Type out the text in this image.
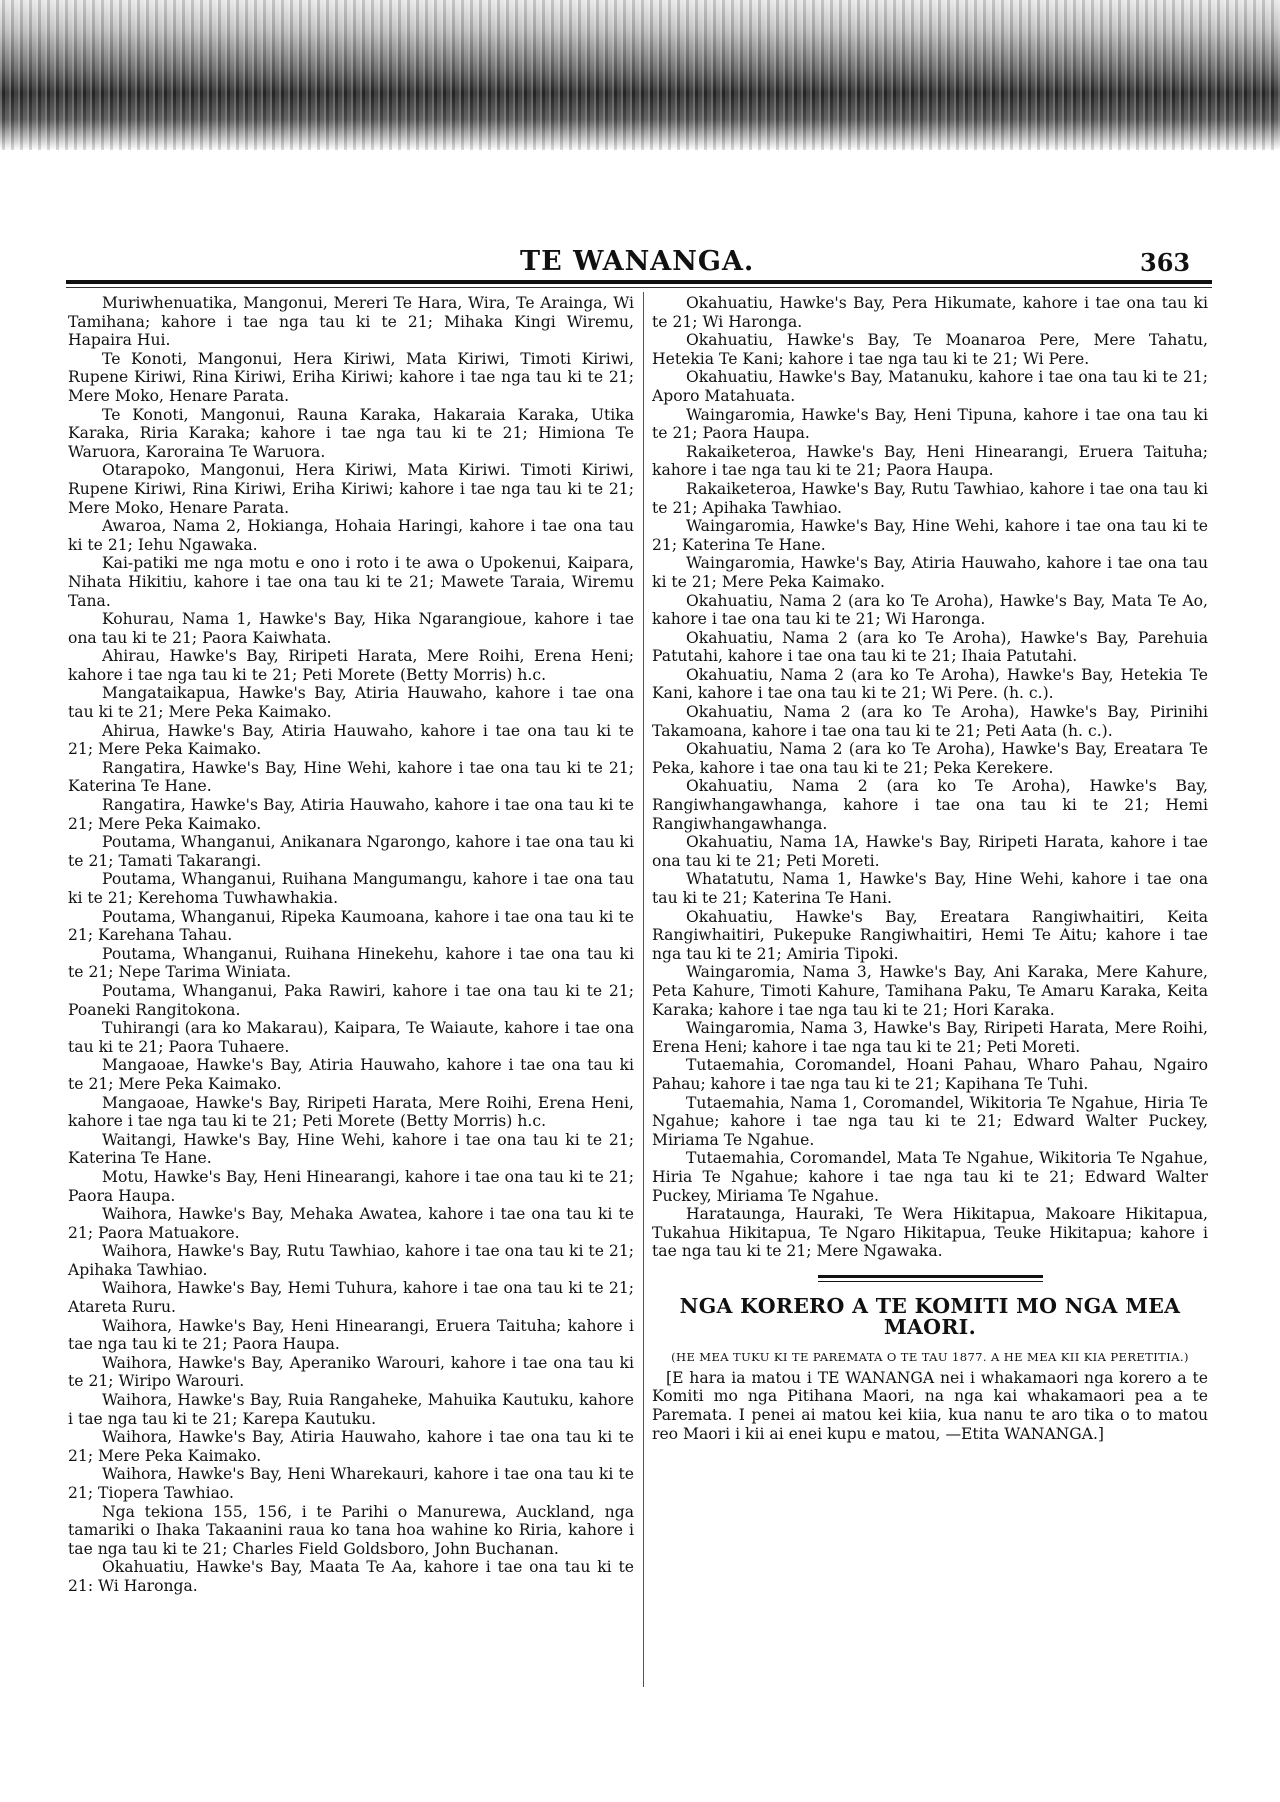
TE WANANGA.	363

Muriwhenuatika, Mangonui, Mereri Te Hara, Wira, Te Arainga, Wi Tamihana; kahore i tae nga tau ki te 21; Mihaka Kingi Wiremu, Hapaira Hui.

Te Konoti, Mangonui, Hera Kiriwi, Mata Kiriwi, Timoti Kiriwi, Rupene Kiriwi, Rina Kiriwi, Eriha Kiriwi; kahore i tae nga tau ki te 21; Mere Moko, Henare Parata.

Te Konoti, Mangonui, Rauna Karaka, Hakaraia Karaka, Utika Karaka, Riria Karaka; kahore i tae nga tau ki te 21; Himiona Te Waruora, Karoraina Te Waruora.

Otarapoko, Mangonui, Hera Kiriwi, Mata Kiriwi. Timoti Kiriwi, Rupene Kiriwi, Rina Kiriwi, Eriha Kiriwi; kahore i tae nga tau ki te 21; Mere Moko, Henare Parata.

Awaroa, Nama 2, Hokianga, Hohaia Haringi, kahore i tae ona tau ki te 21; Iehu Ngawaka.

Kai-patiki me nga motu e ono i roto i te awa o Upokenui, Kaipara, Nihata Hikitiu, kahore i tae ona tau ki te 21; Mawete Taraia, Wiremu Tana.

Kohurau, Nama 1, Hawke's Bay, Hika Ngarangioue, kahore i tae ona tau ki te 21; Paora Kaiwhata.

Ahirau, Hawke's Bay, Riripeti Harata, Mere Roihi, Erena Heni; kahore i tae nga tau ki te 21; Peti Morete (Betty Morris) h.c.

Mangataikapua, Hawke's Bay, Atiria Hauwaho, kahore i tae ona tau ki te 21; Mere Peka Kaimako.

Ahirua, Hawke's Bay, Atiria Hauwaho, kahore i tae ona tau ki te 21; Mere Peka Kaimako.

Rangatira, Hawke's Bay, Hine Wehi, kahore i tae ona tau ki te 21; Katerina Te Hane.

Rangatira, Hawke's Bay, Atiria Hauwaho, kahore i tae ona tau ki te 21; Mere Peka Kaimako.

Poutama, Whanganui, Anikanara Ngarongo, kahore i tae ona tau ki te 21; Tamati Takarangi.

Poutama, Whanganui, Ruihana Mangumangu, kahore i tae ona tau ki te 21; Kerehoma Tuwhawhakia.

Poutama, Whanganui, Ripeka Kaumoana, kahore i tae ona tau ki te 21; Karehana Tahau.

Poutama, Whanganui, Ruihana Hinekehu, kahore i tae ona tau ki te 21; Nepe Tarima Winiata.

Poutama, Whanganui, Paka Rawiri, kahore i tae ona tau ki te 21; Poaneki Rangitokona.

Tuhirangi (ara ko Makarau), Kaipara, Te Waiaute, kahore i tae ona tau ki te 21; Paora Tuhaere.

Mangaoae, Hawke's Bay, Atiria Hauwaho, kahore i tae ona tau ki te 21; Mere Peka Kaimako.

Mangaoae, Hawke's Bay, Riripeti Harata, Mere Roihi, Erena Heni, kahore i tae nga tau ki te 21; Peti Morete (Betty Morris) h.c.

Waitangi, Hawke's Bay, Hine Wehi, kahore i tae ona tau ki te 21; Katerina Te Hane.

Motu, Hawke's Bay, Heni Hinearangi, kahore i tae ona tau ki te 21; Paora Haupa.

Waihora, Hawke's Bay, Mehaka Awatea, kahore i tae ona tau ki te 21; Paora Matuakore.

Waihora, Hawke's Bay, Rutu Tawhiao, kahore i tae ona tau ki te 21; Apihaka Tawhiao.

Waihora, Hawke's Bay, Hemi Tuhura, kahore i tae ona tau ki te 21; Atareta Ruru.

Waihora, Hawke's Bay, Heni Hinearangi, Eruera Taituha; kahore i tae nga tau ki te 21; Paora Haupa.

Waihora, Hawke's Bay, Aperaniko Warouri, kahore i tae ona tau ki te 21; Wiripo Warouri.

Waihora, Hawke's Bay, Ruia Rangaheke, Mahuika Kautuku, kahore i tae nga tau ki te 21; Karepa Kautuku.

Waihora, Hawke's Bay, Atiria Hauwaho, kahore i tae ona tau ki te 21; Mere Peka Kaimako.

Waihora, Hawke's Bay, Heni Wharekauri, kahore i tae ona tau ki te 21; Tiopera Tawhiao.

Nga tekiona 155, 156, i te Parihi o Manurewa, Auckland, nga tamariki o Ihaka Takaanini raua ko tana hoa wahine ko Riria, kahore i tae nga tau ki te 21; Charles Field Goldsboro, John Buchanan.

Okahuatiu, Hawke's Bay, Maata Te Aa, kahore i tae ona tau ki te 21: Wi Haronga.

Okahuatiu, Hawke's Bay, Pera Hikumate, kahore i tae ona tau ki te 21; Wi Haronga.

Okahuatiu, Hawke's Bay, Te Moanaroa Pere, Mere Tahatu, Hetekia Te Kani; kahore i tae nga tau ki te 21; Wi Pere.

Okahuatiu, Hawke's Bay, Matanuku, kahore i tae ona tau ki te 21; Aporo Matahuata.

Waingaromia, Hawke's Bay, Heni Tipuna, kahore i tae ona tau ki te 21; Paora Haupa.

Rakaiketeroa, Hawke's Bay, Heni Hinearangi, Eruera Taituha; kahore i tae nga tau ki te 21; Paora Haupa.

Rakaiketeroa, Hawke's Bay, Rutu Tawhiao, kahore i tae ona tau ki te 21; Apihaka Tawhiao.

Waingaromia, Hawke's Bay, Hine Wehi, kahore i tae ona tau ki te 21; Katerina Te Hane.

Waingaromia, Hawke's Bay, Atiria Hauwaho, kahore i tae ona tau ki te 21; Mere Peka Kaimako.

Okahuatiu, Nama 2 (ara ko Te Aroha), Hawke's Bay, Mata Te Ao, kahore i tae ona tau ki te 21; Wi Haronga.

Okahuatiu, Nama 2 (ara ko Te Aroha), Hawke's Bay, Parehuia Patutahi, kahore i tae ona tau ki te 21; Ihaia Patutahi.

Okahuatiu, Nama 2 (ara ko Te Aroha), Hawke's Bay, Hetekia Te Kani, kahore i tae ona tau ki te 21; Wi Pere. (h. c.).

Okahuatiu, Nama 2 (ara ko Te Aroha), Hawke's Bay, Pirinihi Takamoana, kahore i tae ona tau ki te 21; Peti Aata (h. c.).

Okahuatiu, Nama 2 (ara ko Te Aroha), Hawke's Bay, Ereatara Te Peka, kahore i tae ona tau ki te 21; Peka Kerekere.

Okahuatiu, Nama 2 (ara ko Te Aroha), Hawke's Bay, Rangiwhangawhanga, kahore i tae ona tau ki te 21; Hemi Rangiwhangawhanga.

Okahuatiu, Nama 1A, Hawke's Bay, Riripeti Harata, kahore i tae ona tau ki te 21; Peti Moreti.

Whatatutu, Nama 1, Hawke's Bay, Hine Wehi, kahore i tae ona tau ki te 21; Katerina Te Hani.

Okahuatiu, Hawke's Bay, Ereatara Rangiwhaitiri, Keita Rangiwhaitiri, Pukepuke Rangiwhaitiri, Hemi Te Aitu; kahore i tae nga tau ki te 21; Amiria Tipoki.

Waingaromia, Nama 3, Hawke's Bay, Ani Karaka, Mere Kahure, Peta Kahure, Timoti Kahure, Tamihana Paku, Te Amaru Karaka, Keita Karaka; kahore i tae nga tau ki te 21; Hori Karaka.

Waingaromia, Nama 3, Hawke's Bay, Riripeti Harata, Mere Roihi, Erena Heni; kahore i tae nga tau ki te 21; Peti Moreti.

Tutaemahia, Coromandel, Hoani Pahau, Wharo Pahau, Ngairo Pahau; kahore i tae nga tau ki te 21; Kapihana Te Tuhi.

Tutaemahia, Nama 1, Coromandel, Wikitoria Te Ngahue, Hiria Te Ngahue; kahore i tae nga tau ki te 21; Edward Walter Puckey, Miriama Te Ngahue.

Tutaemahia, Coromandel, Mata Te Ngahue, Wikitoria Te Ngahue, Hiria Te Ngahue; kahore i tae nga tau ki te 21; Edward Walter Puckey, Miriama Te Ngahue.

Harataunga, Hauraki, Te Wera Hikitapua, Makoare Hikitapua, Tukahua Hikitapua, Te Ngaro Hikitapua, Teuke Hikitapua; kahore i tae nga tau ki te 21; Mere Ngawaka.

NGA KORERO A TE KOMITI MO NGA MEA MAORI.

(HE MEA TUKU KI TE PAREMATA O TE TAU 1877. A HE MEA KII KIA PERETITIA.)

[E hara ia matou i TE WANANGA nei i whakamaori nga korero a te Komiti mo nga Pitihana Maori, na nga kai whakamaori pea a te Paremata. I penei ai matou kei kiia, kua nanu te aro tika o to matou reo Maori i kii ai enei kupu e matou, —Etita WANANGA.]
